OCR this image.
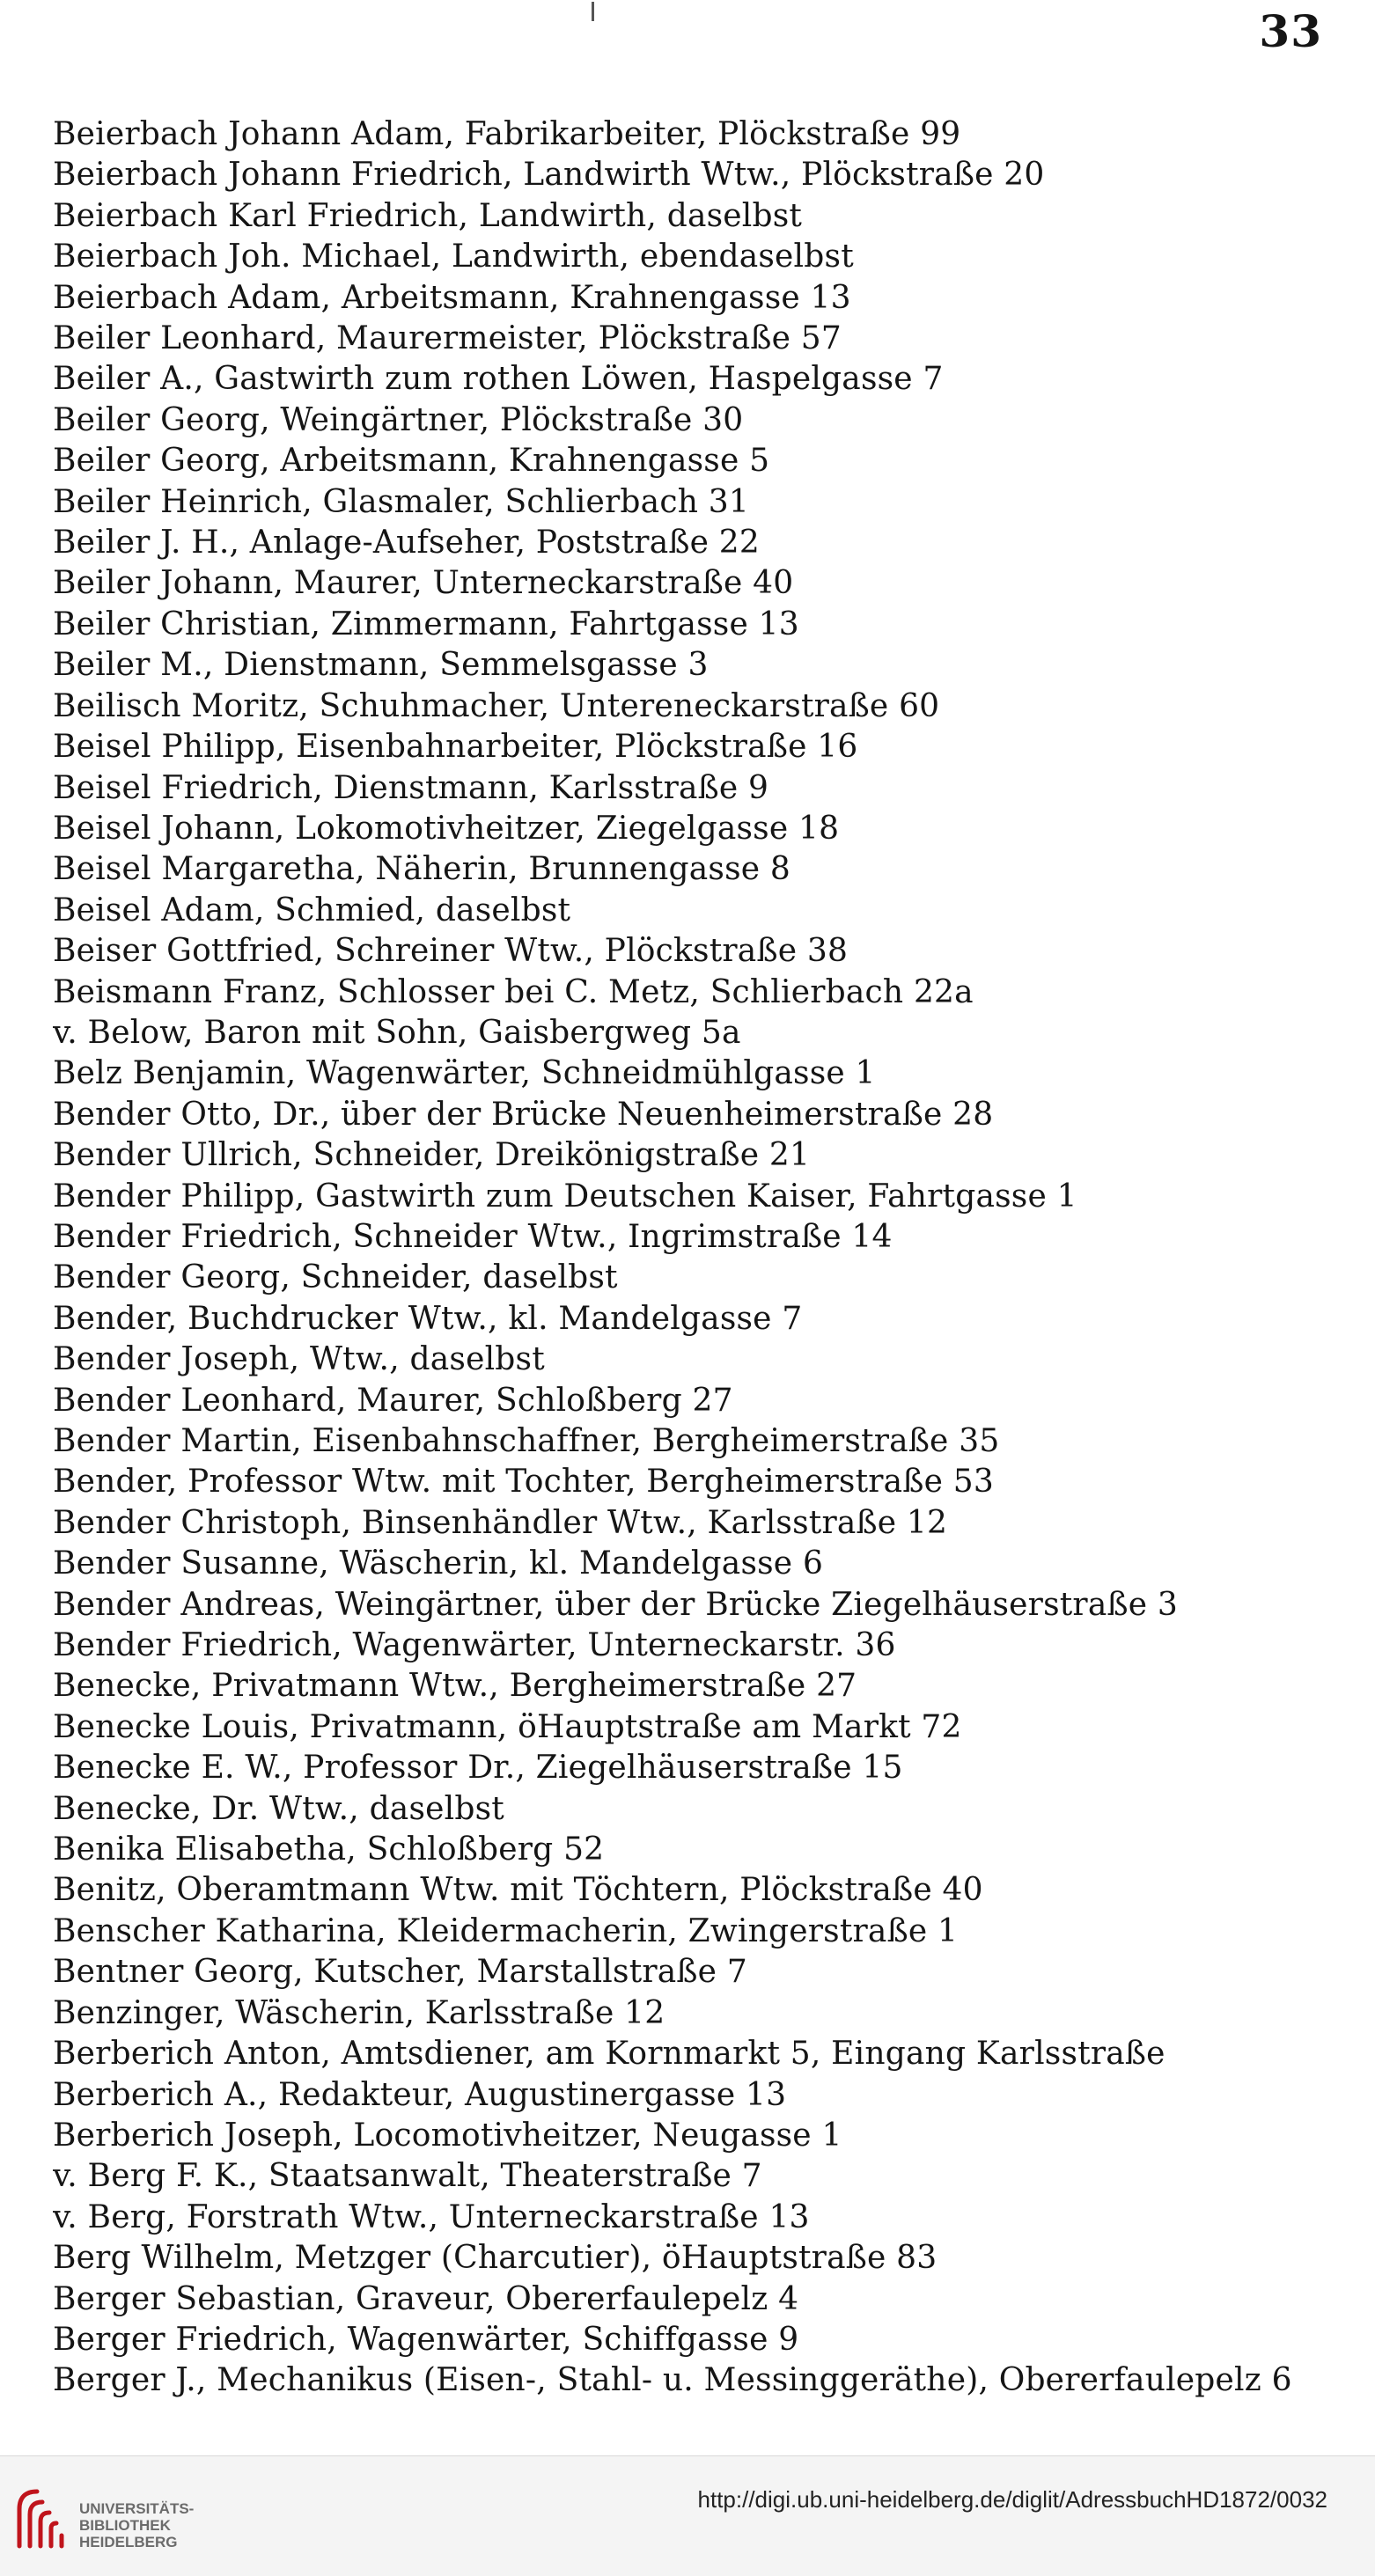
33
Beierbach Johann Adam, Fabrikarbeiter, Plöckstraße 99
Beierbach Johann Friedrich, Landwirth Wtw., Plöckstraße 20
Beierbach Karl Friedrich, Landwirth, daselbst
Beierbach Joh. Michael, Landwirth, ebendaselbst
Beierbach Adam, Arbeitsmann, Krahnengasse 13
Beiler Leonhard, Maurermeister, Plöckstraße 57
Beiler A., Gastwirth zum rothen Löwen, Haspelgasse 7
Beiler Georg, Weingärtner, Plöckstraße 30
Beiler Georg, Arbeitsmann, Krahnengasse 5
Beiler Heinrich, Glasmaler, Schlierbach 31
Beiler J. H., Anlage-Aufseher, Poststraße 22
Beiler Johann, Maurer, Unterneckarstraße 40
Beiler Christian, Zimmermann, Fahrtgasse 13
Beiler M., Dienstmann, Semmelsgasse 3
Beilisch Moritz, Schuhmacher, Untereneckarstraße 60
Beisel Philipp, Eisenbahnarbeiter, Plöckstraße 16
Beisel Friedrich, Dienstmann, Karlsstraße 9
Beisel Johann, Lokomotivheitzer, Ziegelgasse 18
Beisel Margaretha, Näherin, Brunnengasse 8
Beisel Adam, Schmied, daselbst
Beiser Gottfried, Schreiner Wtw., Plöckstraße 38
Beismann Franz, Schlosser bei C. Metz, Schlierbach 22a
v. Below, Baron mit Sohn, Gaisbergweg 5a
Belz Benjamin, Wagenwärter, Schneidmühlgasse 1
Bender Otto, Dr., über der Brücke Neuenheimerstraße 28
Bender Ullrich, Schneider, Dreikönigstraße 21
Bender Philipp, Gastwirth zum Deutschen Kaiser, Fahrtgasse 1
Bender Friedrich, Schneider Wtw., Ingrimstraße 14
Bender Georg, Schneider, daselbst
Bender, Buchdrucker Wtw., kl. Mandelgasse 7
Bender Joseph, Wtw., daselbst
Bender Leonhard, Maurer, Schloßberg 27
Bender Martin, Eisenbahnschaffner, Bergheimerstraße 35
Bender, Professor Wtw. mit Tochter, Bergheimerstraße 53
Bender Christoph, Binsenhändler Wtw., Karlsstraße 12
Bender Susanne, Wäscherin, kl. Mandelgasse 6
Bender Andreas, Weingärtner, über der Brücke Ziegelhäuserstraße 3
Bender Friedrich, Wagenwärter, Unterneckarstr. 36
Benecke, Privatmann Wtw., Bergheimerstraße 27
Benecke Louis, Privatmann, öHauptstraße am Markt 72
Benecke E. W., Professor Dr., Ziegelhäuserstraße 15
Benecke, Dr. Wtw., daselbst
Benika Elisabetha, Schloßberg 52
Benitz, Oberamtmann Wtw. mit Töchtern, Plöckstraße 40
Benscher Katharina, Kleidermacherin, Zwingerstraße 1
Bentner Georg, Kutscher, Marstallstraße 7
Benzinger, Wäscherin, Karlsstraße 12
Berberich Anton, Amtsdiener, am Kornmarkt 5, Eingang Karlsstraße
Berberich A., Redakteur, Augustinergasse 13
Berberich Joseph, Locomotivheitzer, Neugasse 1
v. Berg F. K., Staatsanwalt, Theaterstraße 7
v. Berg, Forstrath Wtw., Unterneckarstraße 13
Berg Wilhelm, Metzger (Charcutier), öHauptstraße 83
Berger Sebastian, Graveur, Obererfaulepelz 4
Berger Friedrich, Wagenwärter, Schiffgasse 9
Berger J., Mechanikus (Eisen-, Stahl- u. Messinggeräthe), Obererfaulepelz 6
UNIVERSITÄTS-
BIBLIOTHEK
HEIDELBERG
http://digi.ub.uni-heidelberg.de/diglit/AdressbuchHD1872/0032
